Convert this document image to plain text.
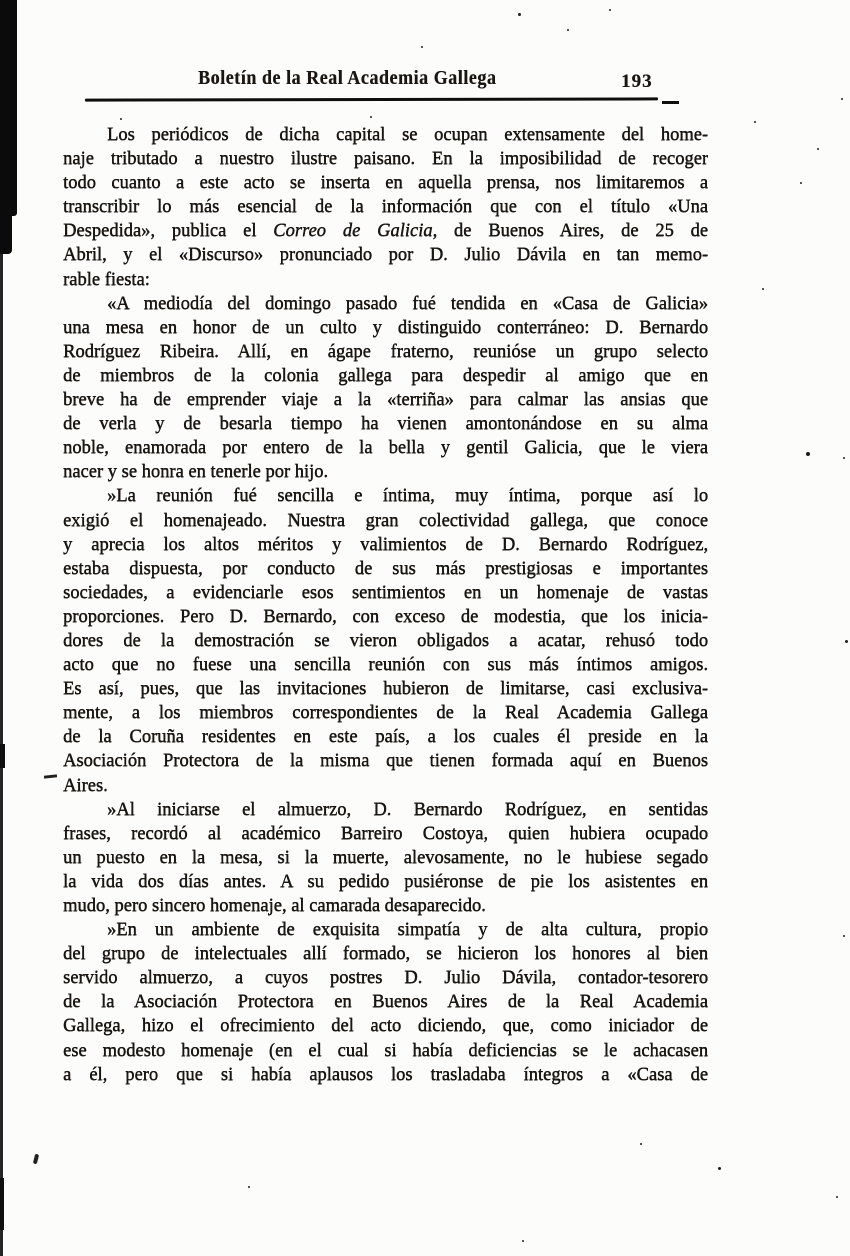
Boletín de la Real Academia Gallega	193
Los periódicos de dicha capital se ocupan extensamente del home-
naje tributado a nuestro ilustre paisano. En la imposibilidad de recoger
todo cuanto a este acto se inserta en aquella prensa, nos limitaremos a
transcribir lo más esencial de la información que con el título «Una
Despedida», publica el Correo de Galicia, de Buenos Aires, de 25 de
Abril, y el «Discurso» pronunciado por D. Julio Dávila en tan memo-
rable fiesta:
«A mediodía del domingo pasado fué tendida en «Casa de Galicia»
una mesa en honor de un culto y distinguido conterráneo: D. Bernardo
Rodríguez Ribeira. Allí, en ágape fraterno, reunióse un grupo selecto
de miembros de la colonia gallega para despedir al amigo que en
breve ha de emprender viaje a la «terriña» para calmar las ansias que
de verla y de besarla tiempo ha vienen amontonándose en su alma
noble, enamorada por entero de la bella y gentil Galicia, que le viera
nacer y se honra en tenerle por hijo.
»La reunión fué sencilla e íntima, muy íntima, porque así lo
exigió el homenajeado. Nuestra gran colectividad gallega, que conoce
y aprecia los altos méritos y valimientos de D. Bernardo Rodríguez,
estaba dispuesta, por conducto de sus más prestigiosas e importantes
sociedades, a evidenciarle esos sentimientos en un homenaje de vastas
proporciones. Pero D. Bernardo, con exceso de modestia, que los inicia-
dores de la demostración se vieron obligados a acatar, rehusó todo
acto que no fuese una sencilla reunión con sus más íntimos amigos.
Es así, pues, que las invitaciones hubieron de limitarse, casi exclusiva-
mente, a los miembros correspondientes de la Real Academia Gallega
de la Coruña residentes en este país, a los cuales él preside en la
Asociación Protectora de la misma que tienen formada aquí en Buenos
Aires.
»Al iniciarse el almuerzo, D. Bernardo Rodríguez, en sentidas
frases, recordó al académico Barreiro Costoya, quien hubiera ocupado
un puesto en la mesa, si la muerte, alevosamente, no le hubiese segado
la vida dos días antes. A su pedido pusiéronse de pie los asistentes en
mudo, pero sincero homenaje, al camarada desaparecido.
»En un ambiente de exquisita simpatía y de alta cultura, propio
del grupo de intelectuales allí formado, se hicieron los honores al bien
servido almuerzo, a cuyos postres D. Julio Dávila, contador-tesorero
de la Asociación Protectora en Buenos Aires de la Real Academia
Gallega, hizo el ofrecimiento del acto diciendo, que, como iniciador de
ese modesto homenaje (en el cual si había deficiencias se le achacasen
a él, pero que si había aplausos los trasladaba íntegros a «Casa de
